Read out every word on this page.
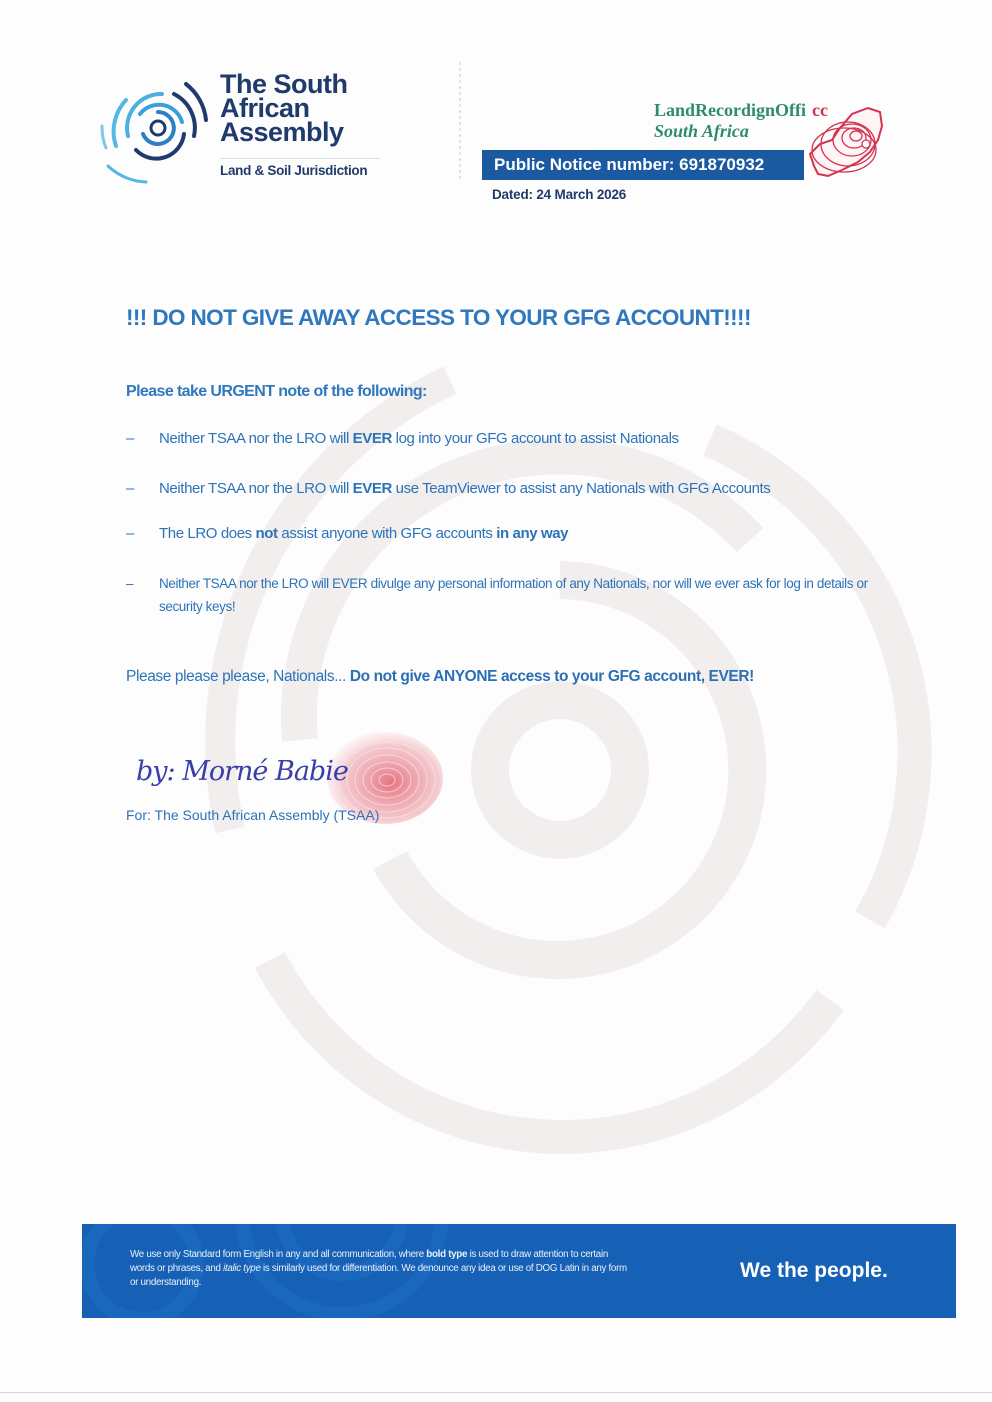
The South
African
Assembly
Land & Soil Jurisdiction
LandRecordignOffi cc
South Africa
Public Notice number: 691870932
Dated: 24 March 2026
!!! DO NOT GIVE AWAY ACCESS TO YOUR GFG ACCOUNT!!!!
Please take URGENT note of the following:
– Neither TSAA nor the LRO will EVER log into your GFG account to assist Nationals
– Neither TSAA nor the LRO will EVER use TeamViewer to assist any Nationals with GFG Accounts
– The LRO does not assist anyone with GFG accounts in any way
– Neither TSAA nor the LRO will EVER divulge any personal information of any Nationals, nor will we ever ask for log in details or security keys!
Please please please, Nationals... Do not give ANYONE access to your GFG account, EVER!
by: Morné Babie
For: The South African Assembly (TSAA)
We use only Standard form English in any and all communication, where bold type is used to draw attention to certain words or phrases, and italic type is similarly used for differentiation. We denounce any idea or use of DOG Latin in any form or understanding.
We the people.
